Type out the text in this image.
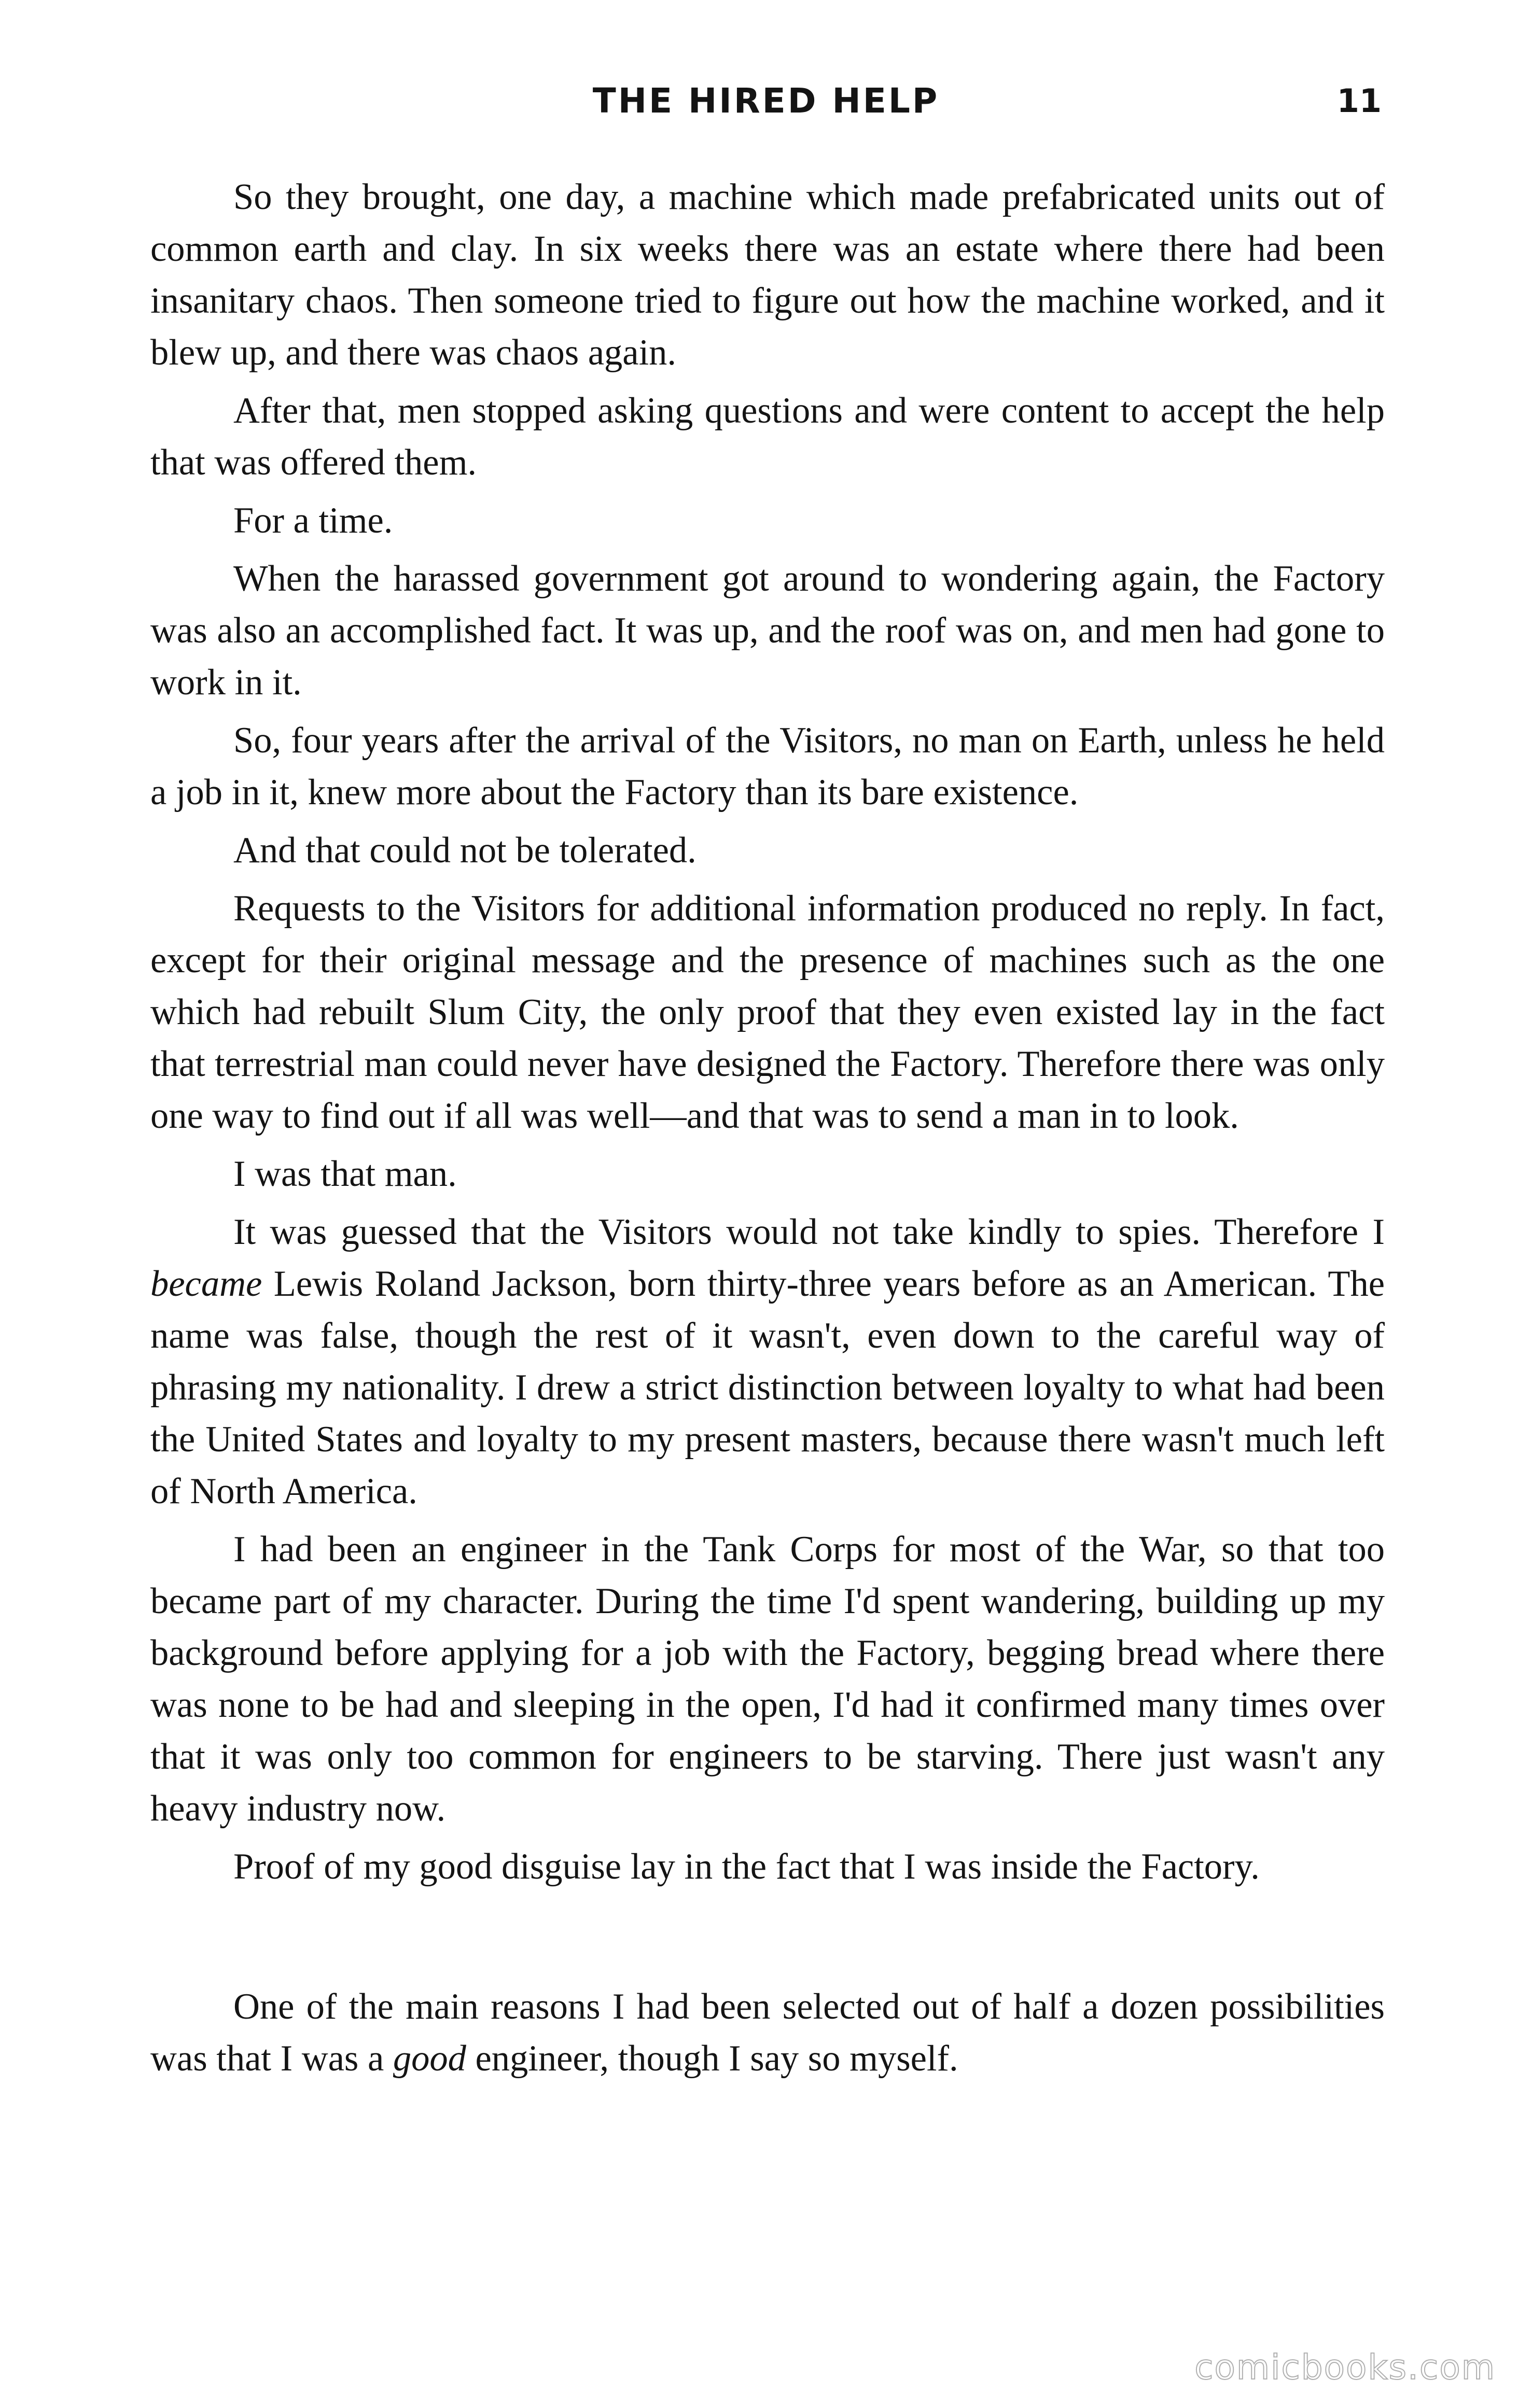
THE HIRED HELP	11

So they brought, one day, a machine which made prefabricated units out of common earth and clay. In six weeks there was an estate where there had been insanitary chaos. Then someone tried to figure out how the machine worked, and it blew up, and there was chaos again.

After that, men stopped asking questions and were content to accept the help that was offered them.

For a time.

When the harassed government got around to wondering again, the Factory was also an accomplished fact. It was up, and the roof was on, and men had gone to work in it.

So, four years after the arrival of the Visitors, no man on Earth, unless he held a job in it, knew more about the Factory than its bare existence.

And that could not be tolerated.

Requests to the Visitors for additional information produced no reply. In fact, except for their original message and the presence of machines such as the one which had rebuilt Slum City, the only proof that they even existed lay in the fact that terrestrial man could never have designed the Factory. Therefore there was only one way to find out if all was well—and that was to send a man in to look.

I was that man.

It was guessed that the Visitors would not take kindly to spies. Therefore I became Lewis Roland Jackson, born thirty-three years before as an American. The name was false, though the rest of it wasn't, even down to the careful way of phrasing my nationality. I drew a strict distinction between loyalty to what had been the United States and loyalty to my present masters, because there wasn't much left of North America.

I had been an engineer in the Tank Corps for most of the War, so that too became part of my character. During the time I'd spent wandering, building up my background before applying for a job with the Factory, begging bread where there was none to be had and sleeping in the open, I'd had it confirmed many times over that it was only too common for engineers to be starving. There just wasn't any heavy industry now.

Proof of my good disguise lay in the fact that I was inside the Factory.

One of the main reasons I had been selected out of half a dozen possibilities was that I was a good engineer, though I say so myself.

comicbooks.com
